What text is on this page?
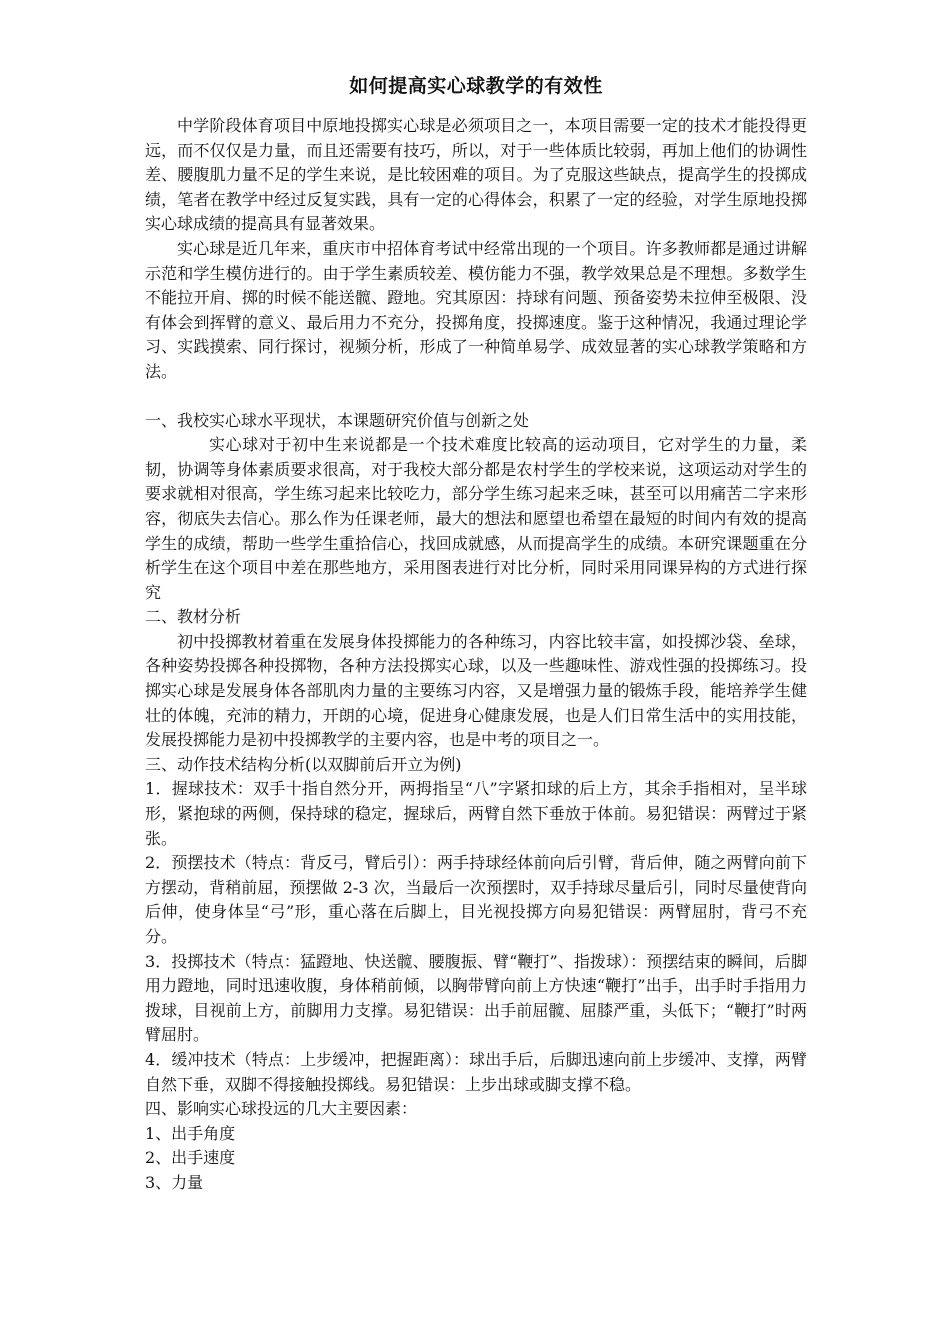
如何提高实心球教学的有效性

中学阶段体育项目中原地投掷实心球是必须项目之一，本项目需要一定的技术才能投得更远，而不仅仅是力量，而且还需要有技巧，所以，对于一些体质比较弱，再加上他们的协调性差、腰腹肌力量不足的学生来说，是比较困难的项目。为了克服这些缺点，提高学生的投掷成绩，笔者在教学中经过反复实践，具有一定的心得体会，积累了一定的经验，对学生原地投掷实心球成绩的提高具有显著效果。

实心球是近几年来，重庆市中招体育考试中经常出现的一个项目。许多教师都是通过讲解示范和学生模仿进行的。由于学生素质较差、模仿能力不强，教学效果总是不理想。多数学生不能拉开肩、掷的时候不能送髋、蹬地。究其原因：持球有问题、预备姿势未拉伸至极限、没有体会到挥臂的意义、最后用力不充分，投掷角度，投掷速度。鉴于这种情况，我通过理论学习、实践摸索、同行探讨，视频分析，形成了一种简单易学、成效显著的实心球教学策略和方法。

一、我校实心球水平现状，本课题研究价值与创新之处

实心球对于初中生来说都是一个技术难度比较高的运动项目，它对学生的力量，柔韧，协调等身体素质要求很高，对于我校大部分都是农村学生的学校来说，这项运动对学生的要求就相对很高，学生练习起来比较吃力，部分学生练习起来乏味，甚至可以用痛苦二字来形容，彻底失去信心。那么作为任课老师，最大的想法和愿望也希望在最短的时间内有效的提高学生的成绩，帮助一些学生重拾信心，找回成就感，从而提高学生的成绩。本研究课题重在分析学生在这个项目中差在那些地方，采用图表进行对比分析，同时采用同课异构的方式进行探究

二、教材分析

初中投掷教材着重在发展身体投掷能力的各种练习，内容比较丰富，如投掷沙袋、垒球，各种姿势投掷各种投掷物，各种方法投掷实心球，以及一些趣味性、游戏性强的投掷练习。投掷实心球是发展身体各部肌肉力量的主要练习内容，又是增强力量的锻炼手段，能培养学生健壮的体魄，充沛的精力，开朗的心境，促进身心健康发展，也是人们日常生活中的实用技能，发展投掷能力是初中投掷教学的主要内容，也是中考的项目之一。

三、动作技术结构分析(以双脚前后开立为例)

1．握球技术：双手十指自然分开，两拇指呈“八”字紧扣球的后上方，其余手指相对，呈半球形，紧抱球的两侧，保持球的稳定，握球后，两臂自然下垂放于体前。易犯错误：两臂过于紧张。

2．预摆技术（特点：背反弓，臂后引）：两手持球经体前向后引臂，背后伸，随之两臂向前下方摆动，背稍前屈，预摆做 2-3 次，当最后一次预摆时，双手持球尽量后引，同时尽量使背向后伸，使身体呈“弓”形，重心落在后脚上，目光视投掷方向易犯错误：两臂屈肘，背弓不充分。

3．投掷技术（特点：猛蹬地、快送髋、腰腹振、臂“鞭打”、指拨球）：预摆结束的瞬间，后脚用力蹬地，同时迅速收腹，身体稍前倾，以胸带臂向前上方快速“鞭打”出手，出手时手指用力拨球，目视前上方，前脚用力支撑。易犯错误：出手前屈髋、屈膝严重，头低下；“鞭打”时两臂屈肘。

4．缓冲技术（特点：上步缓冲，把握距离）：球出手后，后脚迅速向前上步缓冲、支撑，两臂自然下垂，双脚不得接触投掷线。易犯错误：上步出球或脚支撑不稳。

四、影响实心球投远的几大主要因素：

1、出手角度

2、出手速度

3、力量
